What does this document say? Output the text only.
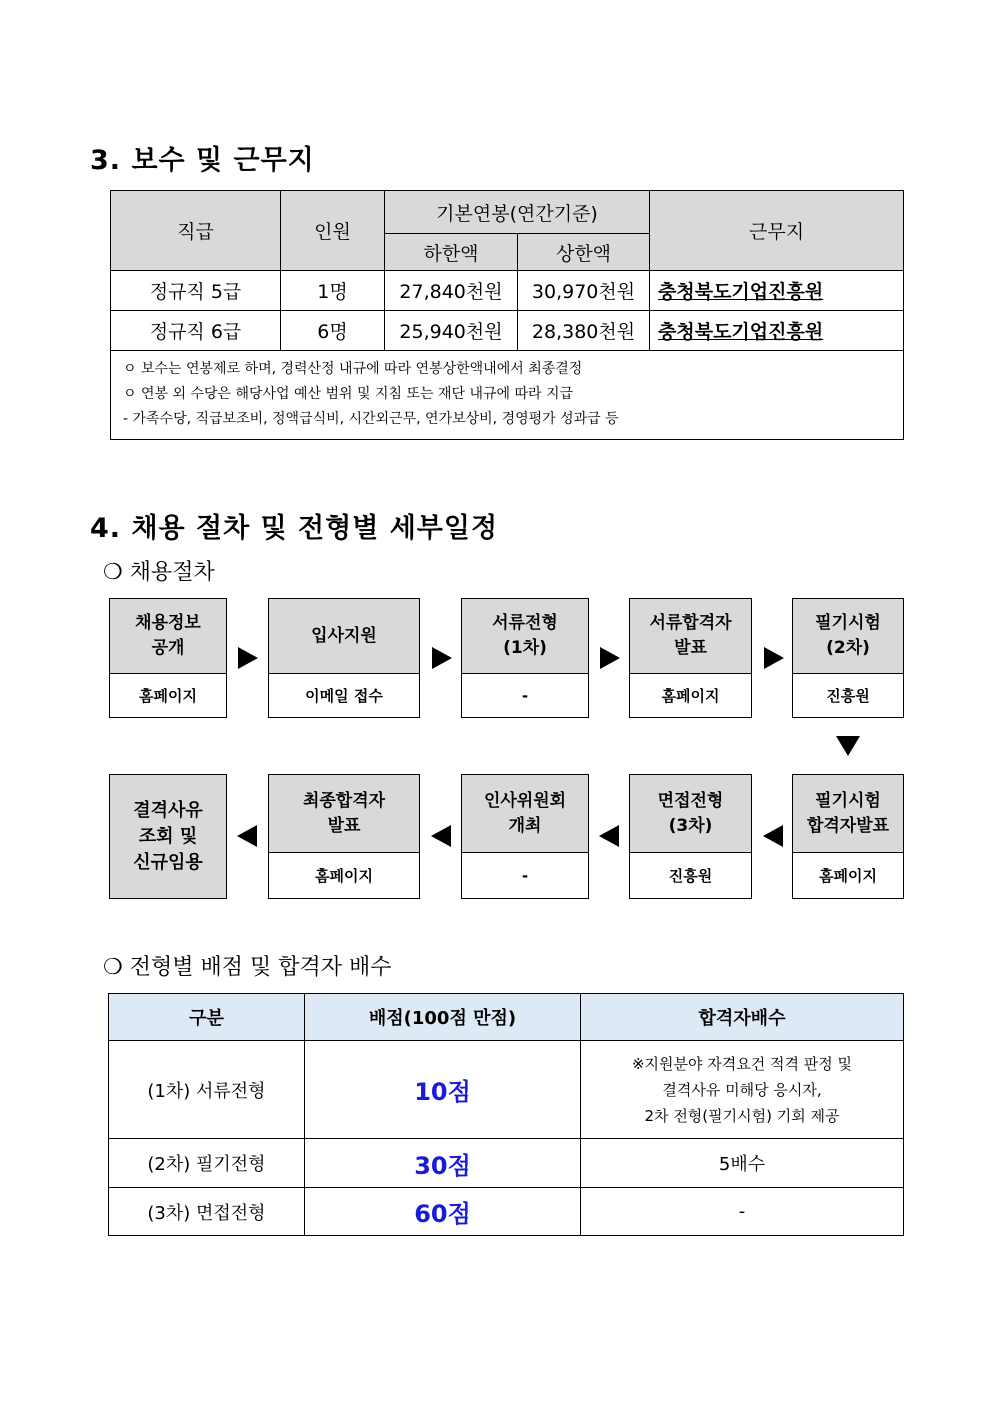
3. 보수 및 근무지
직급	인원	기본연봉(연간기준)		근무지
		하한액	상한액	
정규직 5급	1명	27,840천원	30,970천원	충청북도기업진흥원
정규직 6급	6명	25,940천원	28,380천원	충청북도기업진흥원

ㅇ 보수는 연봉제로 하며, 경력산정 내규에 따라 연봉상한액내에서 최종결정
ㅇ 연봉 외 수당은 해당사업 예산 범위 및 지침 또는 재단 내규에 따라 지급
- 가족수당, 직급보조비, 정액급식비, 시간외근무, 연가보상비, 경영평가 성과급 등				
4. 채용 절차 및 전형별 세부일정
❍ 채용절차
채용정보
공개
홈페이지
입사지원
이메일 접수
서류전형
(1차)
-
서류합격자
발표
홈페이지
필기시험
(2차)
진흥원
결격사유
조회 및
신규임용
최종합격자
발표
홈페이지
인사위원회
개최
-
면접전형
(3차)
진흥원
필기시험
합격자발표
홈페이지
❍ 전형별 배점 및 합격자 배수
구분	배점(100점 만점)	합격자배수
(1차) 서류전형	10점	※지원분야 자격요건 적격 판정 및
결격사유 미해당 응시자,
2차 전형(필기시험) 기회 제공
(2차) 필기전형	30점	5배수
(3차) 면접전형	60점	-
